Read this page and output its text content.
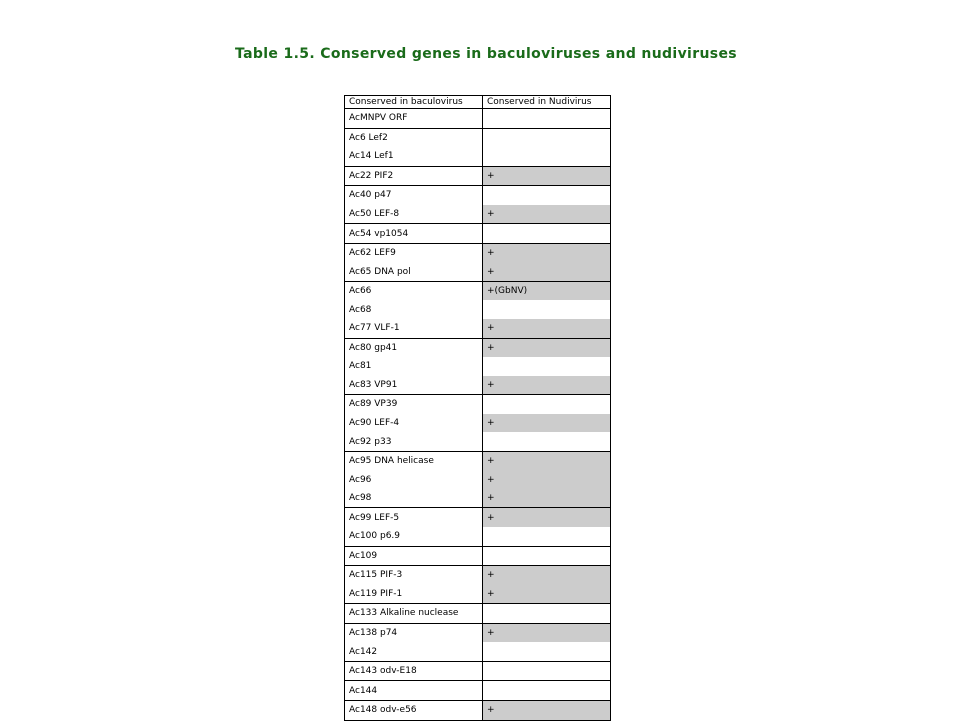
Table 1.5. Conserved genes in baculoviruses and nudiviruses
Conserved in baculovirus	Conserved in Nudivirus
AcMNPV ORF	
Ac6 Lef2	
Ac14 Lef1	
Ac22 PIF2	+
Ac40 p47	
Ac50 LEF-8	+
Ac54 vp1054	
Ac62 LEF9	+
Ac65 DNA pol	+
Ac66	+(GbNV)
Ac68	
Ac77 VLF-1	+
Ac80 gp41	+
Ac81	
Ac83 VP91	+
Ac89 VP39	
Ac90 LEF-4	+
Ac92 p33	
Ac95 DNA helicase	+
Ac96	+
Ac98	+
Ac99 LEF-5	+
Ac100 p6.9	
Ac109	
Ac115 PIF-3	+
Ac119 PIF-1	+
Ac133 Alkaline nuclease	
Ac138 p74	+
Ac142	
Ac143 odv-E18	
Ac144	
Ac148 odv-e56	+
